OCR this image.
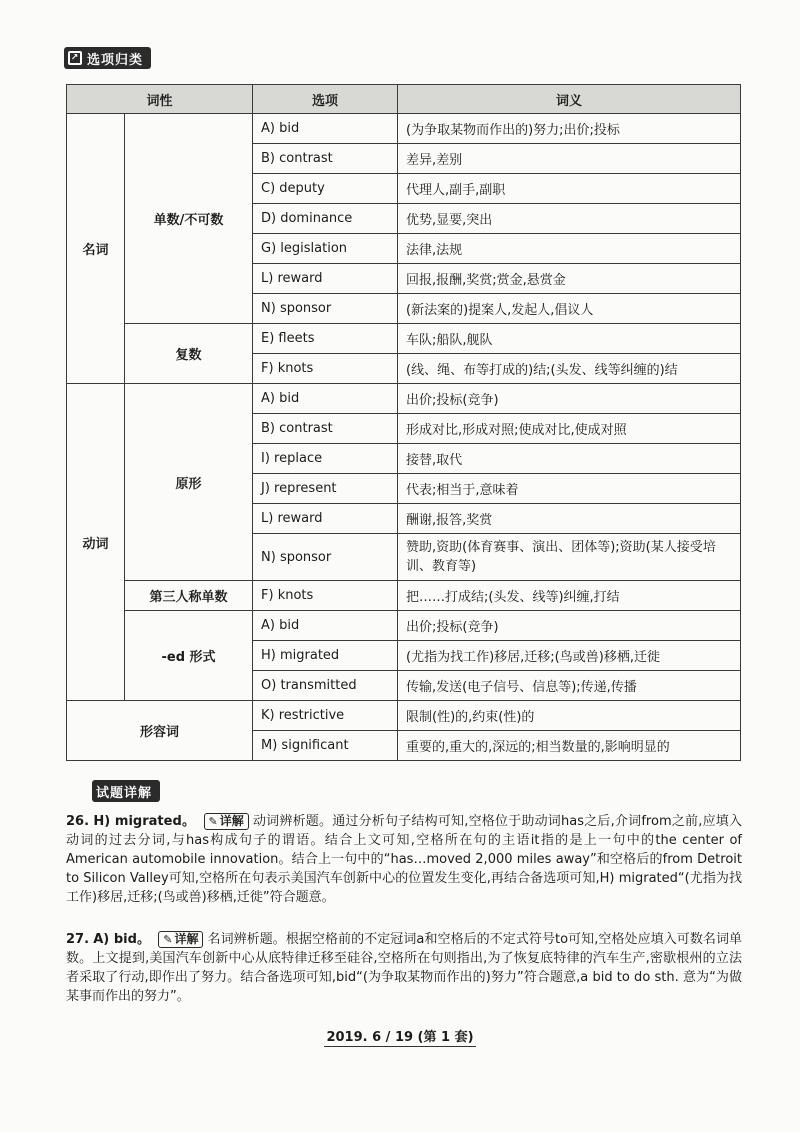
↗ 选项归类
词性		选项	词义
名词	单数/不可数	A) bid	(为争取某物而作出的)努力;出价;投标
		B) contrast	差异,差别
		C) deputy	代理人,副手,副职
		D) dominance	优势,显要,突出
		G) legislation	法律,法规
		L) reward	回报,报酬,奖赏;赏金,悬赏金
		N) sponsor	(新法案的)提案人,发起人,倡议人
	复数	E) fleets	车队;船队,舰队
		F) knots	(线、绳、布等打成的)结;(头发、线等纠缠的)结
动词	原形	A) bid	出价;投标(竞争)
		B) contrast	形成对比,形成对照;使成对比,使成对照
		I) replace	接替,取代
		J) represent	代表;相当于,意味着
		L) reward	酬谢,报答,奖赏
		N) sponsor	赞助,资助(体育赛事、演出、团体等);资助(某人接受培训、教育等)
	第三人称单数	F) knots	把……打成结;(头发、线等)纠缠,打结
	-ed 形式	A) bid	出价;投标(竞争)
		H) migrated	(尤指为找工作)移居,迁移;(鸟或兽)移栖,迁徙
		O) transmitted	传输,发送(电子信号、信息等);传递,传播
形容词		K) restrictive	限制(性)的,约束(性)的
		M) significant	重要的,重大的,深远的;相当数量的,影响明显的
试题详解
26. H) migrated。 ✎ 详解 动词辨析题。通过分析句子结构可知,空格位于助动词has之后,介词from之前,应填入动词的过去分词,与has构成句子的谓语。结合上文可知,空格所在句的主语it指的是上一句中的the center of American automobile innovation。结合上一句中的“has…moved 2,000 miles away”和空格后的from Detroit to Silicon Valley可知,空格所在句表示美国汽车创新中心的位置发生变化,再结合备选项可知,H) migrated“(尤指为找工作)移居,迁移;(鸟或兽)移栖,迁徙”符合题意。
27. A) bid。 ✎ 详解 名词辨析题。根据空格前的不定冠词a和空格后的不定式符号to可知,空格处应填入可数名词单数。上文提到,美国汽车创新中心从底特律迁移至硅谷,空格所在句则指出,为了恢复底特律的汽车生产,密歇根州的立法者采取了行动,即作出了努力。结合备选项可知,bid“(为争取某物而作出的)努力”符合题意,a bid to do sth. 意为“为做某事而作出的努力”。
2019. 6 / 19 (第 1 套)
